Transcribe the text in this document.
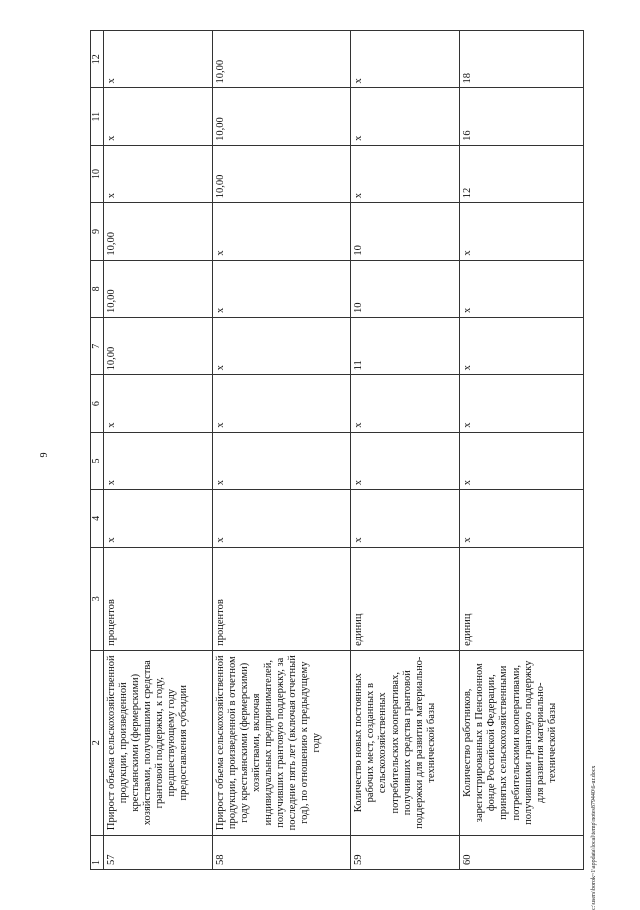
9
1	2	3	4	5	6	7	8	9	10	11	12
57	Прирост объема сельскохозяйственной продукции, произведенной крестьянскими (фермерскими) хозяйствами, получившими средства грантовой поддержки, к году, предшествующему году предоставления субсидии	процентов	х	х	х	10,00	10,00	10,00	х	х	х
58	Прирост объема сельскохозяйственной продукции, произведенной в отчетном году крестьянскими (фермерскими) хозяйствами, включая индивидуальных предпринимателей, получивших грантовую поддержку, за последние пять лет (включая отчетный год), по отношению к предыдущему году	процентов	х	х	х	х	х	х	10,00	10,00	10,00
59	Количество новых постоянных рабочих мест, созданных в сельскохозяйственных потребительских кооперативах, получивших средства грантовой поддержки для развития материально-технической базы	единиц	х	х	х	11	10	10	х	х	х
60	Количество работников, зарегистрированных в Пенсионном фонде Российской Федерации, принятых сельскохозяйственными потребительскими кооперативами, получившими грантовую поддержку для развития материально-технической базы	единиц	х	х	х	х	х	х	12	16	18
c:\users\borok~1\appdata\local\temp\notes879440\6-ur.docx
